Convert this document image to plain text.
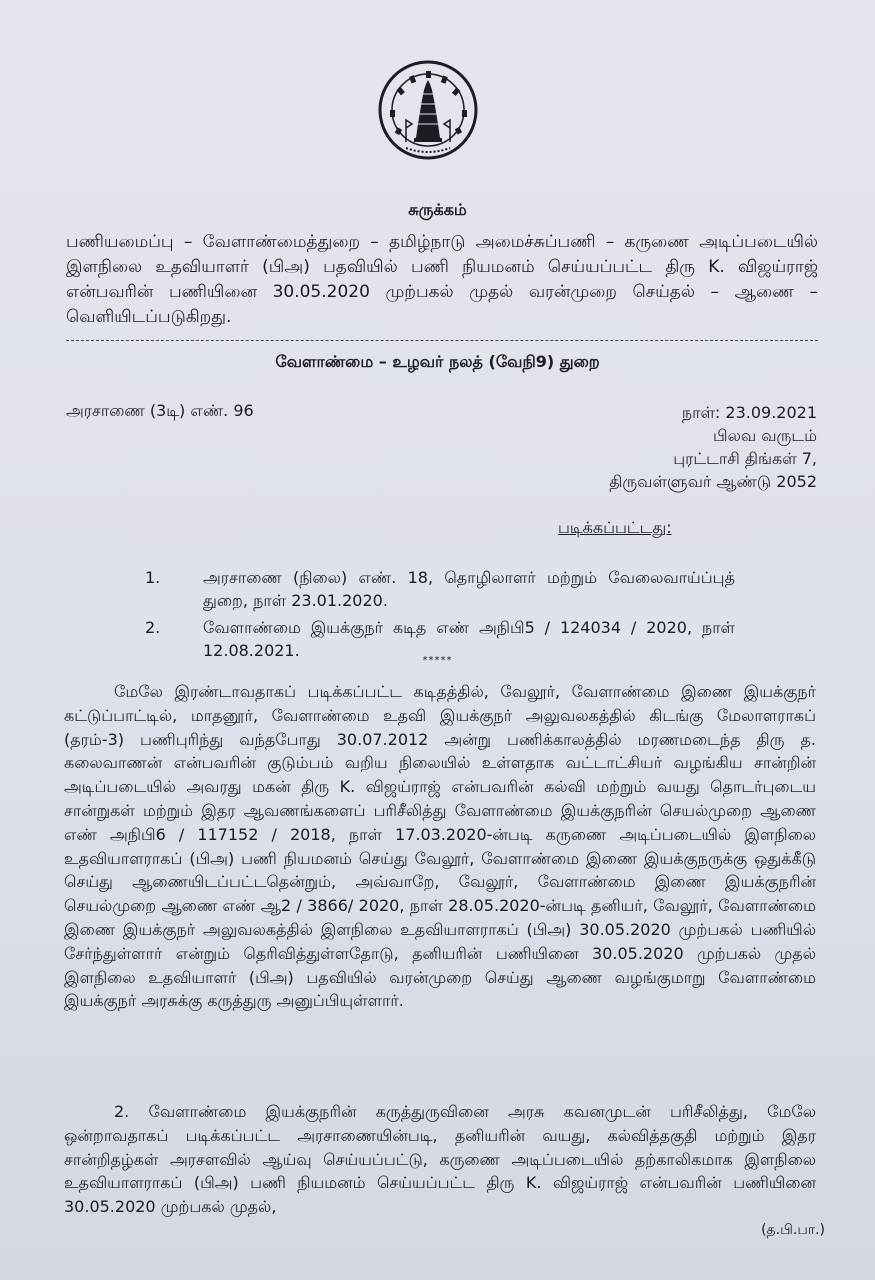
சுருக்கம்

பணியமைப்பு – வேளாண்மைத்துறை – தமிழ்நாடு அமைச்சுப்பணி – கருணை அடிப்படையில் இளநிலை உதவியாளர் (பிஅ) பதவியில் பணி நியமனம் செய்யப்பட்ட திரு K. விஜய்ராஜ் என்பவரின் பணியினை 30.05.2020 முற்பகல் முதல் வரன்முறை செய்தல் – ஆணை – வெளியிடப்படுகிறது.

வேளாண்மை – உழவர் நலத் (வேநி9) துறை
அரசாணை (3டி) எண். 96	நாள்: 23.09.2021
பிலவ வருடம்
புரட்டாசி திங்கள் 7,
திருவள்ளுவர் ஆண்டு 2052
படிக்கப்பட்டது:
1.	அரசாணை (நிலை) எண். 18, தொழிலாளர் மற்றும் வேலைவாய்ப்புத் துறை, நாள் 23.01.2020.
2.	வேளாண்மை இயக்குநர் கடித எண் அநிபி5 / 124034 / 2020, நாள் 12.08.2021.
*****

மேலே இரண்டாவதாகப் படிக்கப்பட்ட கடிதத்தில், வேலூர், வேளாண்மை இணை இயக்குநர் கட்டுப்பாட்டில், மாதனூர், வேளாண்மை உதவி இயக்குநர் அலுவலகத்தில் கிடங்கு மேலாளராகப் (தரம்-3) பணிபுரிந்து வந்தபோது 30.07.2012 அன்று பணிக்காலத்தில் மரணமடைந்த திரு த. கலைவாணன் என்பவரின் குடும்பம் வறிய நிலையில் உள்ளதாக வட்டாட்சியர் வழங்கிய சான்றின் அடிப்படையில் அவரது மகன் திரு K. விஜய்ராஜ் என்பவரின் கல்வி மற்றும் வயது தொடர்புடைய சான்றுகள் மற்றும் இதர ஆவணங்களைப் பரிசீலித்து வேளாண்மை இயக்குநரின் செயல்முறை ஆணை எண் அநிபி6 / 117152 / 2018, நாள் 17.03.2020-ன்படி கருணை அடிப்படையில் இளநிலை உதவியாளராகப் (பிஅ) பணி நியமனம் செய்து வேலூர், வேளாண்மை இணை இயக்குநருக்கு ஒதுக்கீடு செய்து ஆணையிடப்பட்டதென்றும், அவ்வாறே, வேலூர், வேளாண்மை இணை இயக்குநரின் செயல்முறை ஆணை எண் ஆ2 / 3866/ 2020, நாள் 28.05.2020-ன்படி தனியர், வேலூர், வேளாண்மை இணை இயக்குநர் அலுவலகத்தில் இளநிலை உதவியாளராகப் (பிஅ) 30.05.2020 முற்பகல் பணியில் சேர்ந்துள்ளார் என்றும் தெரிவித்துள்ளதோடு, தனியரின் பணியினை 30.05.2020 முற்பகல் முதல் இளநிலை உதவியாளர் (பிஅ) பதவியில் வரன்முறை செய்து ஆணை வழங்குமாறு வேளாண்மை இயக்குநர் அரசுக்கு கருத்துரு அனுப்பியுள்ளார்.

2. வேளாண்மை இயக்குநரின் கருத்துருவினை அரசு கவனமுடன் பரிசீலித்து, மேலே ஒன்றாவதாகப் படிக்கப்பட்ட அரசாணையின்படி, தனியரின் வயது, கல்வித்தகுதி மற்றும் இதர சான்றிதழ்கள் அரசளவில் ஆய்வு செய்யப்பட்டு, கருணை அடிப்படையில் தற்காலிகமாக இளநிலை உதவியாளராகப் (பிஅ) பணி நியமனம் செய்யப்பட்ட திரு K. விஜய்ராஜ் என்பவரின் பணியினை 30.05.2020 முற்பகல் முதல்,

(த.பி.பா.)
